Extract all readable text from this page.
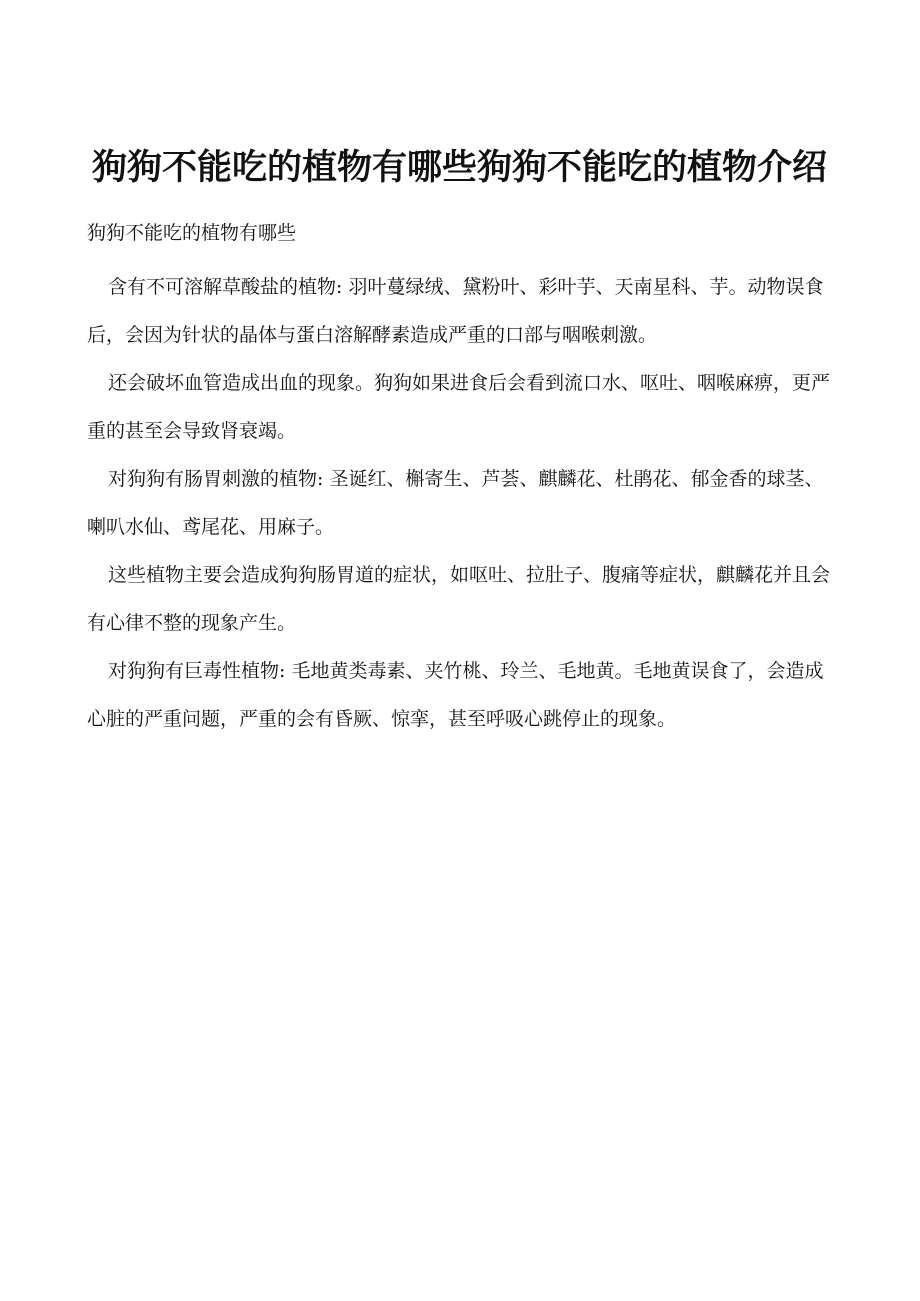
狗狗不能吃的植物有哪些狗狗不能吃的植物介绍
狗狗不能吃的植物有哪些

含有不可溶解草酸盐的植物: 羽叶蔓绿绒、黛粉叶、彩叶芋、天南星科、芋。动物误食后，会因为针状的晶体与蛋白溶解酵素造成严重的口部与咽喉刺激。

还会破坏血管造成出血的现象。狗狗如果进食后会看到流口水、呕吐、咽喉麻痹，更严重的甚至会导致肾衰竭。

对狗狗有肠胃刺激的植物: 圣诞红、槲寄生、芦荟、麒麟花、杜鹃花、郁金香的球茎、喇叭水仙、鸢尾花、用麻子。

这些植物主要会造成狗狗肠胃道的症状，如呕吐、拉肚子、腹痛等症状，麒麟花并且会有心律不整的现象产生。

对狗狗有巨毒性植物: 毛地黄类毒素、夹竹桃、玲兰、毛地黄。毛地黄误食了，会造成心脏的严重问题，严重的会有昏厥、惊挛，甚至呼吸心跳停止的现象。
